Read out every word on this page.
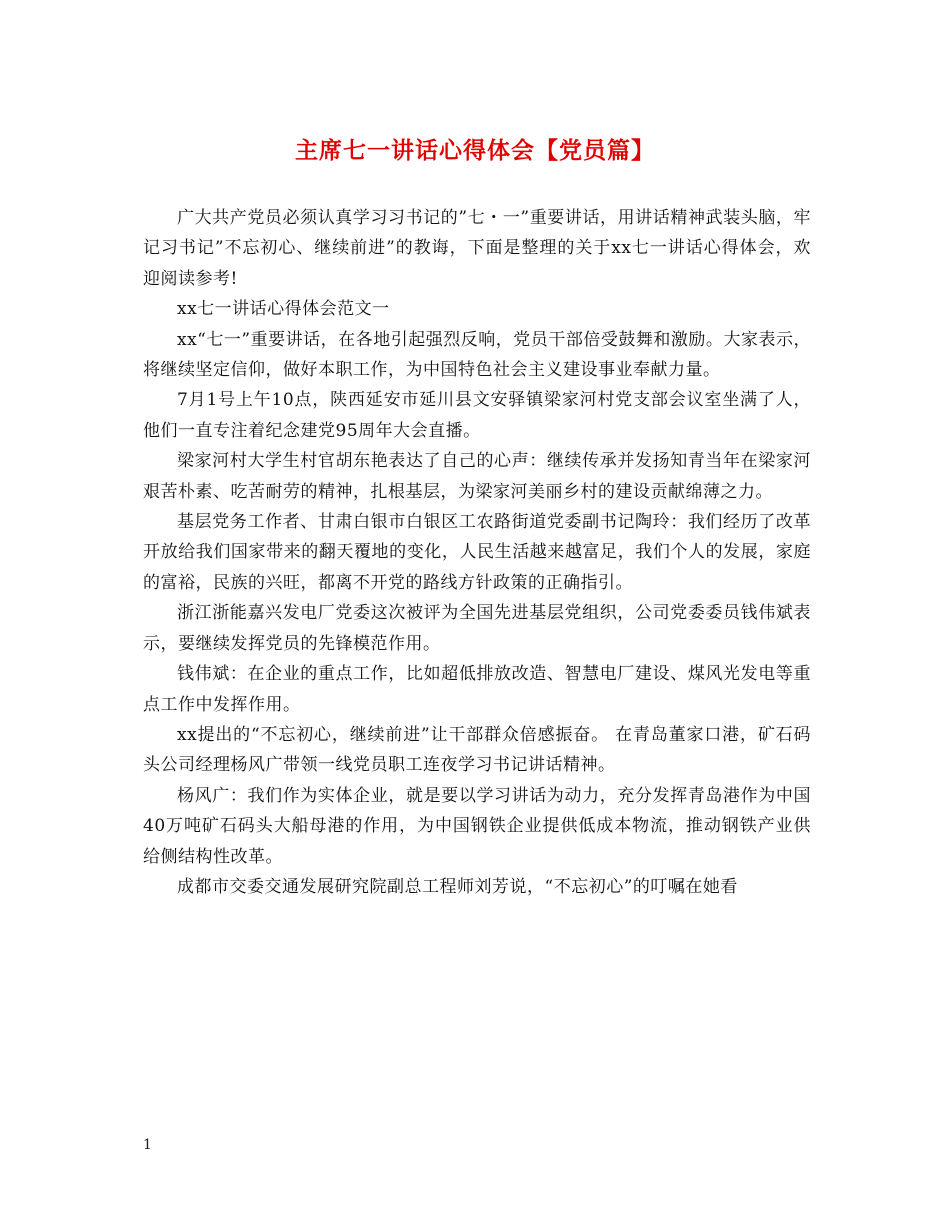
主席七一讲话心得体会【党员篇】

广大共产党员必须认真学习习书记的”七・一”重要讲话，用讲话精神武装头脑，牢记习书记”不忘初心、继续前进”的教诲，下面是整理的关于xx七一讲话心得体会，欢迎阅读参考!

xx七一讲话心得体会范文一

xx“七一”重要讲话，在各地引起强烈反响，党员干部倍受鼓舞和激励。大家表示，将继续坚定信仰，做好本职工作，为中国特色社会主义建设事业奉献力量。

7月1号上午10点，陕西延安市延川县文安驿镇梁家河村党支部会议室坐满了人，他们一直专注着纪念建党95周年大会直播。

梁家河村大学生村官胡东艳表达了自己的心声：继续传承并发扬知青当年在梁家河艰苦朴素、吃苦耐劳的精神，扎根基层，为梁家河美丽乡村的建设贡献绵薄之力。

基层党务工作者、甘肃白银市白银区工农路街道党委副书记陶玲：我们经历了改革开放给我们国家带来的翻天覆地的变化，人民生活越来越富足，我们个人的发展，家庭的富裕，民族的兴旺，都离不开党的路线方针政策的正确指引。

浙江浙能嘉兴发电厂党委这次被评为全国先进基层党组织，公司党委委员钱伟斌表示，要继续发挥党员的先锋模范作用。

钱伟斌：在企业的重点工作，比如超低排放改造、智慧电厂建设、煤风光发电等重点工作中发挥作用。

xx提出的“不忘初心，继续前进”让干部群众倍感振奋。 在青岛董家口港，矿石码头公司经理杨风广带领一线党员职工连夜学习书记讲话精神。

杨风广：我们作为实体企业，就是要以学习讲话为动力，充分发挥青岛港作为中国40万吨矿石码头大船母港的作用，为中国钢铁企业提供低成本物流，推动钢铁产业供给侧结构性改革。

成都市交委交通发展研究院副总工程师刘芳说，“不忘初心”的叮嘱在她看

1
